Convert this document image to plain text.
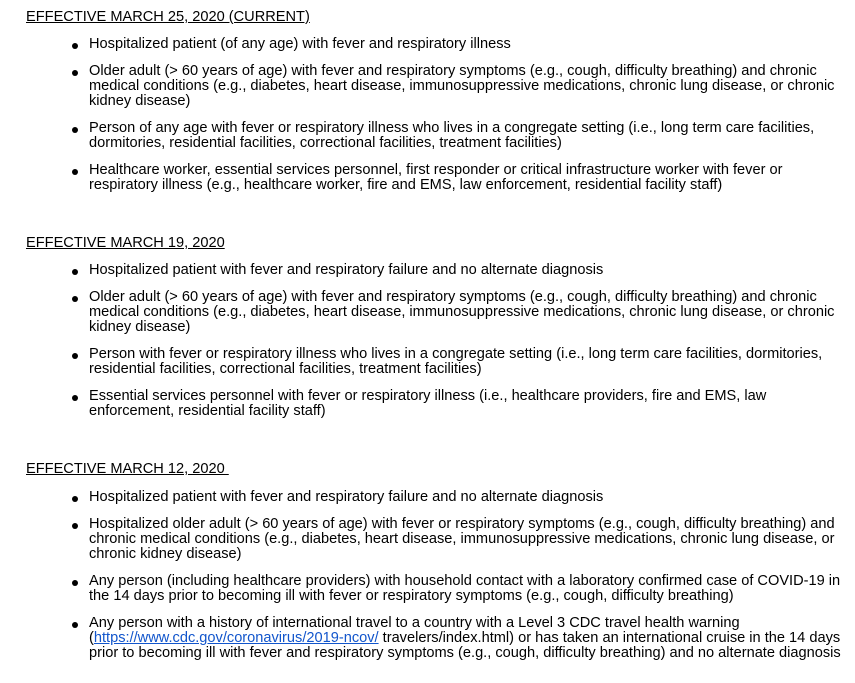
EFFECTIVE MARCH 25, 2020 (CURRENT)

Hospitalized patient (of any age) with fever and respiratory illness
Older adult (> 60 years of age) with fever and respiratory symptoms (e.g., cough, difficulty breathing) and chronic medical conditions (e.g., diabetes, heart disease, immunosuppressive medications, chronic lung disease, or chronic kidney disease)
Person of any age with fever or respiratory illness who lives in a congregate setting (i.e., long term care facilities, dormitories, residential facilities, correctional facilities, treatment facilities)
Healthcare worker, essential services personnel, first responder or critical infrastructure worker with fever or respiratory illness (e.g., healthcare worker, fire and EMS, law enforcement, residential facility staff)

EFFECTIVE MARCH 19, 2020

Hospitalized patient with fever and respiratory failure and no alternate diagnosis
Older adult (> 60 years of age) with fever and respiratory symptoms (e.g., cough, difficulty breathing) and chronic medical conditions (e.g., diabetes, heart disease, immunosuppressive medications, chronic lung disease, or chronic kidney disease)
Person with fever or respiratory illness who lives in a congregate setting (i.e., long term care facilities, dormitories, residential facilities, correctional facilities, treatment facilities)
Essential services personnel with fever or respiratory illness (i.e., healthcare providers, fire and EMS, law enforcement, residential facility staff)

EFFECTIVE MARCH 12, 2020

Hospitalized patient with fever and respiratory failure and no alternate diagnosis
Hospitalized older adult (> 60 years of age) with fever or respiratory symptoms (e.g., cough, difficulty breathing) and chronic medical conditions (e.g., diabetes, heart disease, immunosuppressive medications, chronic lung disease, or chronic kidney disease)
Any person (including healthcare providers) with household contact with a laboratory confirmed case of COVID-19 in the 14 days prior to becoming ill with fever or respiratory symptoms (e.g., cough, difficulty breathing)
Any person with a history of international travel to a country with a Level 3 CDC travel health warning (https://www.cdc.gov/coronavirus/2019-ncov/ travelers/index.html) or has taken an international cruise in the 14 days prior to becoming ill with fever and respiratory symptoms (e.g., cough, difficulty breathing) and no alternate diagnosis
